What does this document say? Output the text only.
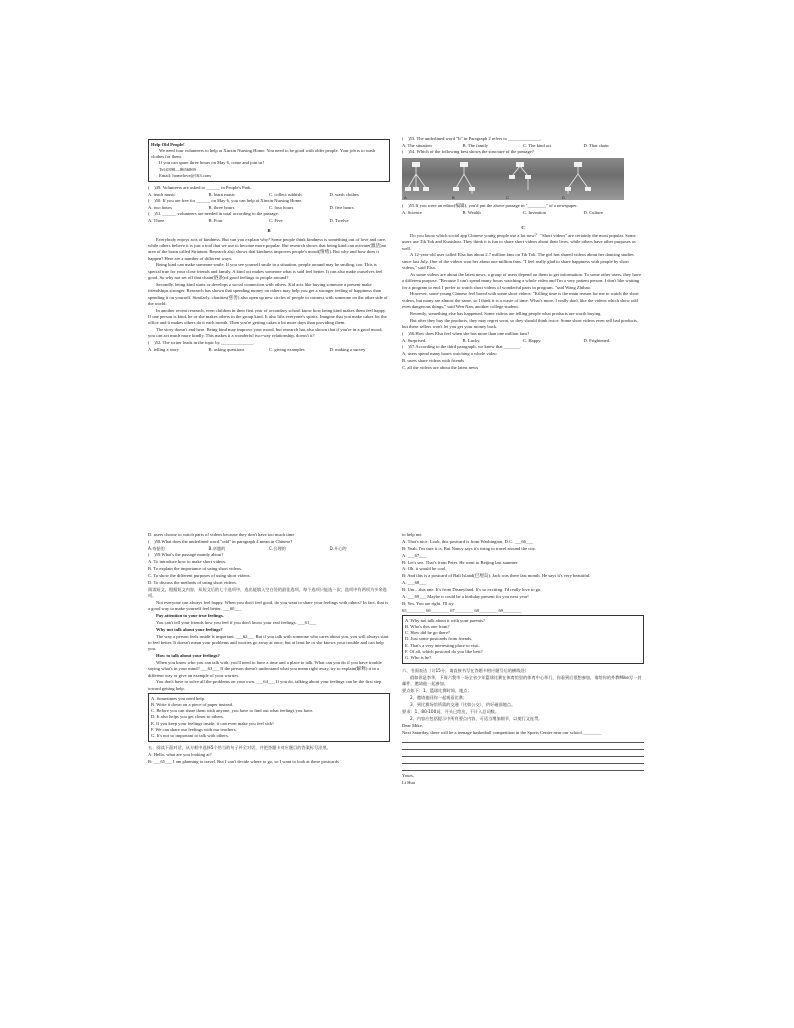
Help Old People!
We need four volunteers to help at Xinxin Nursing Home. You need to be good with older people. Your job is to wash clothes for them.
If you can spare three hours on May 6, come and join us!
Tel:0398—8656869
Email: homelove@163.com

(　)49. Volunteers are asked to ______ in People's Park.

A. teach music	B. learn music	C. collect rubbish	D. wash clothes

(　)50. If you are free for ______ on May 6, you can help at Xinxin Nursing Home.

A. two hours	B. three hours	C. four hours	D. five hours

(　)51. ______ volunteers are needed in total according to the passage.

A. Three	B. Four	C. Five	D. Twelve
B

Everybody enjoys acts of kindness. But can you explain why? Some people think kindness is something out of love and care, while others believe it is just a tool that we use to become more popular. But research shows that being kind can activate(激活)an area of the brain called Striatum. Research also shows that kindness improves people's mood(情绪). But why and how does it happen? Here are a number of different ways.

Being kind can make someone smile. If you see yourself smile in a situation, people around may be smiling, too. This is special true for your close friends and family. A kind act makes someone what is said feel better. It can also make ourselves feel good. So why not set off that chain(链条)of good feelings to people around?

Secondly, being kind starts or develops a social connection with others. Kid acts like buying someone a present make friendships stronger. Research has shown that spending money on others may help you get a stronger feeling of happiness than spending it on yourself. Similarly, charities(慈善) also open up new circles of people to connect with someone on the other side of the world.

In another recent research, even children in their first year of secondary school know how being kind makes them feel happy. If one person is kind, he or she makes others in the group kind. It also lifts everyone's spirits. Imagine that you make cakes for the office and it makes others do it each month. Then you're getting cakes a lot more days than providing them.

The story doesn't end here. Being kind may improve your mood, but research has also shown that if you're in a good mood, you can act much more kindly. This makes it a wonderful two-way relationship, doesn't it?

(　)52. The writer leads in the topic by ______________.

A. telling a story	B. asking questions	C. giving examples	D. making a survey

(　)53. The underlined word "It" in Paragraph 2 refers to ______________.

A. The situation	B. The family	C. The kind act	D. That chain

(　)54. Which of the following best shows the structure of the passage?

A	B	C	D

(　)55.If you were an editor(编辑), you'd put the above passage in "________" of a newspaper.

A. Science	B. Wealth	C. Invention	D. Culture
C

Do you know which social app Chinese young people use a lot now？ "Short videos" are certainly the most popular. Some users use Tik Tok and Kuaishou. They think it is fun to share short videos about their lives, while others have other purposes as well.

A 12-year-old user called Elsa has about 2.7 million fans on Tik Tok. The girl has shared videos about her dancing studies since last July. One of the videos won her about one million fans. "I feel really glad to share happiness with people by short videos," said Elsa.

As some videos are about the latest news, a group of users depend on them to get information. To some other users, they have a different purpose. "Because I can't spend many hours watching a whole video and I'm a very patient person. I don't like waiting for a program to end. I prefer to watch short videos of wonderful parts in program. "said Wang Zhihao.

However, some young Chinese feel bored with some short videos. "Killing time is the main reason for me to watch the short videos, but many are almost the same, so I think it is a waste of time. What's more, I really don't like the videos which show odd even dangerous things," said Wen Nan, another college student.

Recently, something else has happened. Some videos are telling people what products are worth buying.

But after they buy the products, they may regret soon, so they should think twice. Some short videos even sell bad products, but these sellers won't let you get your money back.

(　)56.How does Elsa feel when she has more than one million fans?

A. Surprised.	B. Lucky.	C. Happy.	D. Frightened.

(　)57.According to the third paragraph, we know that _______.

A. users spend many hours watching a whole video

B. users share videos with friends

C. all the videos are about the latest news

D. users choose to watch parts of videos because they don't have too much time

(　)58.What does the underlined word "odd" in paragraph 4 mean in Chinese?

A.奇怪的	B.卓越的	C.合理的	D.开心的

(　)59.What's the passage mainly about?

A. To introduce how to make short videos.

B. To explain the importance of using short videos.

C. To show the different purposes of using short videos.

D. To discuss the methods of using short videos.

阅读短文，根据短文内容，从短文后的七个选项中，选出能填入空白处的最佳选项。每个选项只能选一次，选项中有两项为多余选项。

Not everyone can always feel happy. When you don't feel good, do you want to share your feelings with others? In fact, that is a good way to make yourself feel better. ___60___

Pay attention to your true feelings.

You can't tell your friends how you feel if you don't know your real feelings. ___61___

Why not talk about your feelings?

The way a person feels inside is important. ___62___ But if you talk with someone who cares about you, you will always start to feel better. It doesn't mean your problems and worries go away at once, but at least he or she knows your trouble and can help you.

How to talk about your feelings?

When you know who you can talk with, you'll need to have a time and a place to talk. What can you do if you have trouble saying what's in your mind? ___63___ If the person doesn't understand what you mean right away, try to explain(解释) it in a different way or give an example of your worries.

You don't have to solve all the problems on your own. ___64___ If you do, talking about your feelings can be the first step toward getting help.

A. Sometimes you need help.
B. Write it down on a piece of paper instead.
C. Before you can share them with anyone, you have to find out what feelings you have.
D. It also helps you get closer to others.
E. If you keep your feelings inside, it can even make you feel sick!
F. We can share our feelings with our teachers.
G. It's not so important to talk with others.

五、阅读下面对话，从方框中选择5个恰当的句子补全对话，并把答题卡对应题目的答案标号涂黑。

A: Hello, what are you looking at?

B: ___65___ I am planning to travel. But I can't decide where to go, so I want to look at these postcards

to help me.

A: That's nice. Look, this postcard is from Washington, D.C. ___66___

B: Yeah, I'm sure it is. But Nancy says it's tiring to travel around the city.

A: ___67___

B: Let's see. That's from Peter. He went to Beijing last summer.

A: Oh, it would be cool.

B: And this is a postcard of Bali Island(巴厘岛). Jack was there last month. He says it's very beautiful.

A: ___68___

B: Um…this one. It's from Disneyland. It's so exciting. I'd really love to go.

A: ___69___ Maybe it could be a birthday present for you next year!

B: Yes. You are right. I'll try.

65________ 66________ 67________ 68________ 69________

A. Why not talk about it with your parents?
B. Who's this one from?
C. How did he go there?
D. Just some postcards from friends.
E. That's a very interesting place to visit.
F. Of all, which postcard do you like best?
G. Who is he?

六、书面表达（计15分。请直接书写在答题卡相应题号后的横线处）

假如你是李华，下周六我市一场全省少年篮球比赛在体育馆里的体育中心举行，你看到后很想参加，请给你的外教Mike写一封邮件，邀请他一起参加。

要点如下：1、篮球比赛时间、地点；

2、邀请他同你一起观看比赛；

3、到比赛场馆所需的交通（比如公交），约好碰面地点。

要求：1、80-100词，开头已给出，不计入总词数。

2、内容应包括提示中所有要点内容，可适当增加细节，以使行文连贯。

Dear Mike,

Next Saturday, there will be a teenage basketball competition in the Sports Center near our school.________

Yours,

Li Hua
